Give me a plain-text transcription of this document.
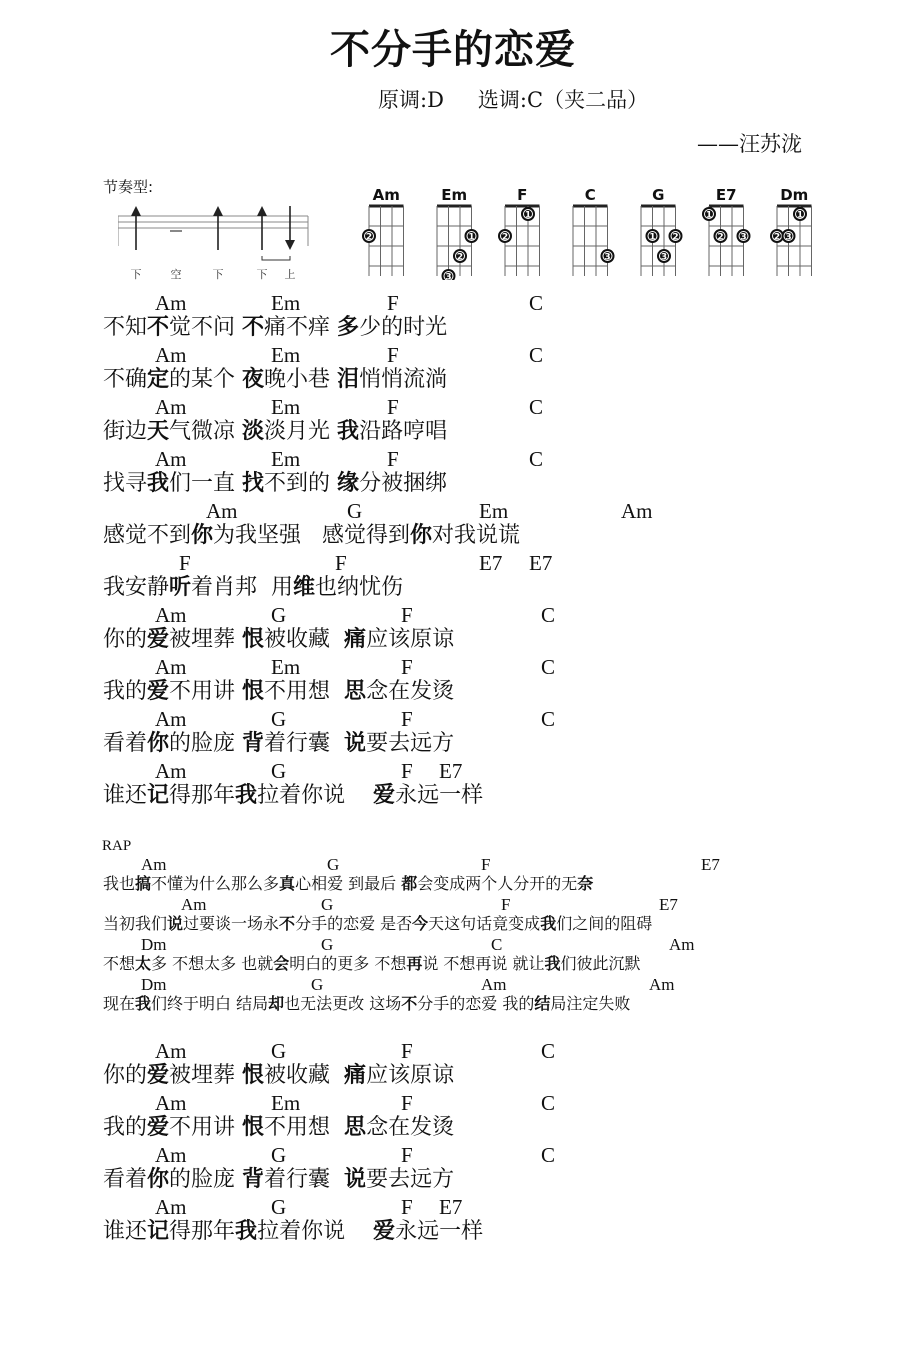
不分手的恋爱
原调:D 选调:C（夹二品）
——汪苏泷
节奏型:
下	空	下	下 上
Am
2
Em
1
2
3
F
1
2
C
3
G
1 2
3
E7
1
2 3
Dm
1
2 3
Am	Em	F	C
不知不觉不问 不痛不痒 多少的时光
Am	Em	F	C
不确定的某个 夜晚小巷 泪悄悄流淌
Am	Em	F	C
街边天气微凉 淡淡月光 我沿路哼唱
Am	Em	F	C
找寻我们一直 找不到的 缘分被捆绑
Am	G	Em	Am
感觉不到你为我坚强   感觉得到你对我说谎
F	F	E7 E7
我安静听着肖邦  用维也纳忧伤
Am	G	F	C
你的爱被埋葬 恨被收藏  痛应该原谅
Am	Em	F	C
我的爱不用讲 恨不用想  思念在发烫
Am	G	F	C
看着你的脸庞 背着行囊  说要去远方
Am	G	F E7
谁还记得那年我拉着你说    爱永远一样
RAP
Am	G	F	E7
我也搞不懂为什么那么多真心相爱 到最后 都会变成两个人分开的无奈
Am	G	F	E7
当初我们说过要谈一场永不分手的恋爱 是否今天这句话竟变成我们之间的阻碍
Dm	G	C	Am
不想太多 不想太多 也就会明白的更多 不想再说 不想再说 就让我们彼此沉默
Dm	G	Am	Am
现在我们终于明白 结局却也无法更改 这场不分手的恋爱 我的结局注定失败
Am	G	F	C
你的爱被埋葬 恨被收藏  痛应该原谅
Am	Em	F	C
我的爱不用讲 恨不用想  思念在发烫
Am	G	F	C
看着你的脸庞 背着行囊  说要去远方
Am	G	F E7
谁还记得那年我拉着你说    爱永远一样
